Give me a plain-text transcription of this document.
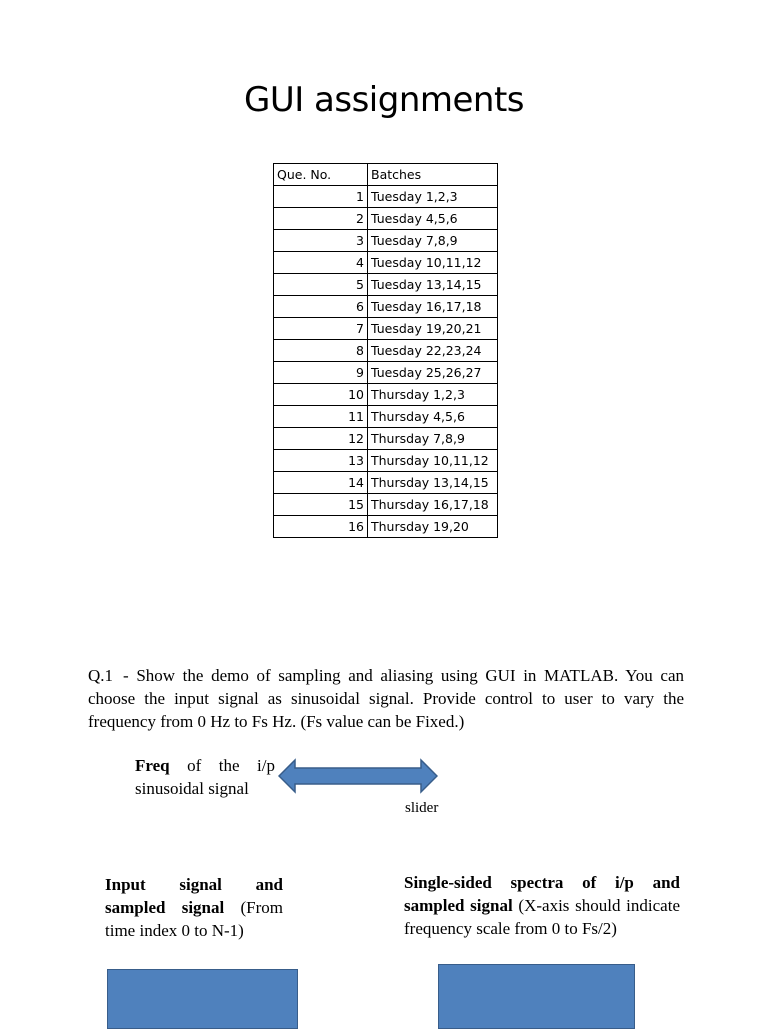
GUI assignments
Que. No.	Batches
1	Tuesday 1,2,3
2	Tuesday 4,5,6
3	Tuesday 7,8,9
4	Tuesday 10,11,12
5	Tuesday 13,14,15
6	Tuesday 16,17,18
7	Tuesday 19,20,21
8	Tuesday 22,23,24
9	Tuesday 25,26,27
10	Thursday 1,2,3
11	Thursday 4,5,6
12	Thursday 7,8,9
13	Thursday 10,11,12
14	Thursday 13,14,15
15	Thursday 16,17,18
16	Thursday 19,20
Q.1 - Show the demo of sampling and aliasing using GUI in MATLAB. You can choose the input signal as sinusoidal signal. Provide control to user to vary the frequency from 0 Hz to Fs Hz. (Fs value can be Fixed.)
Freq of the i/p sinusoidal signal
slider
Input signal and sampled signal (From time index 0 to N-1)
Single-sided spectra of i/p and sampled signal (X-axis should indicate frequency scale from 0 to Fs/2)
